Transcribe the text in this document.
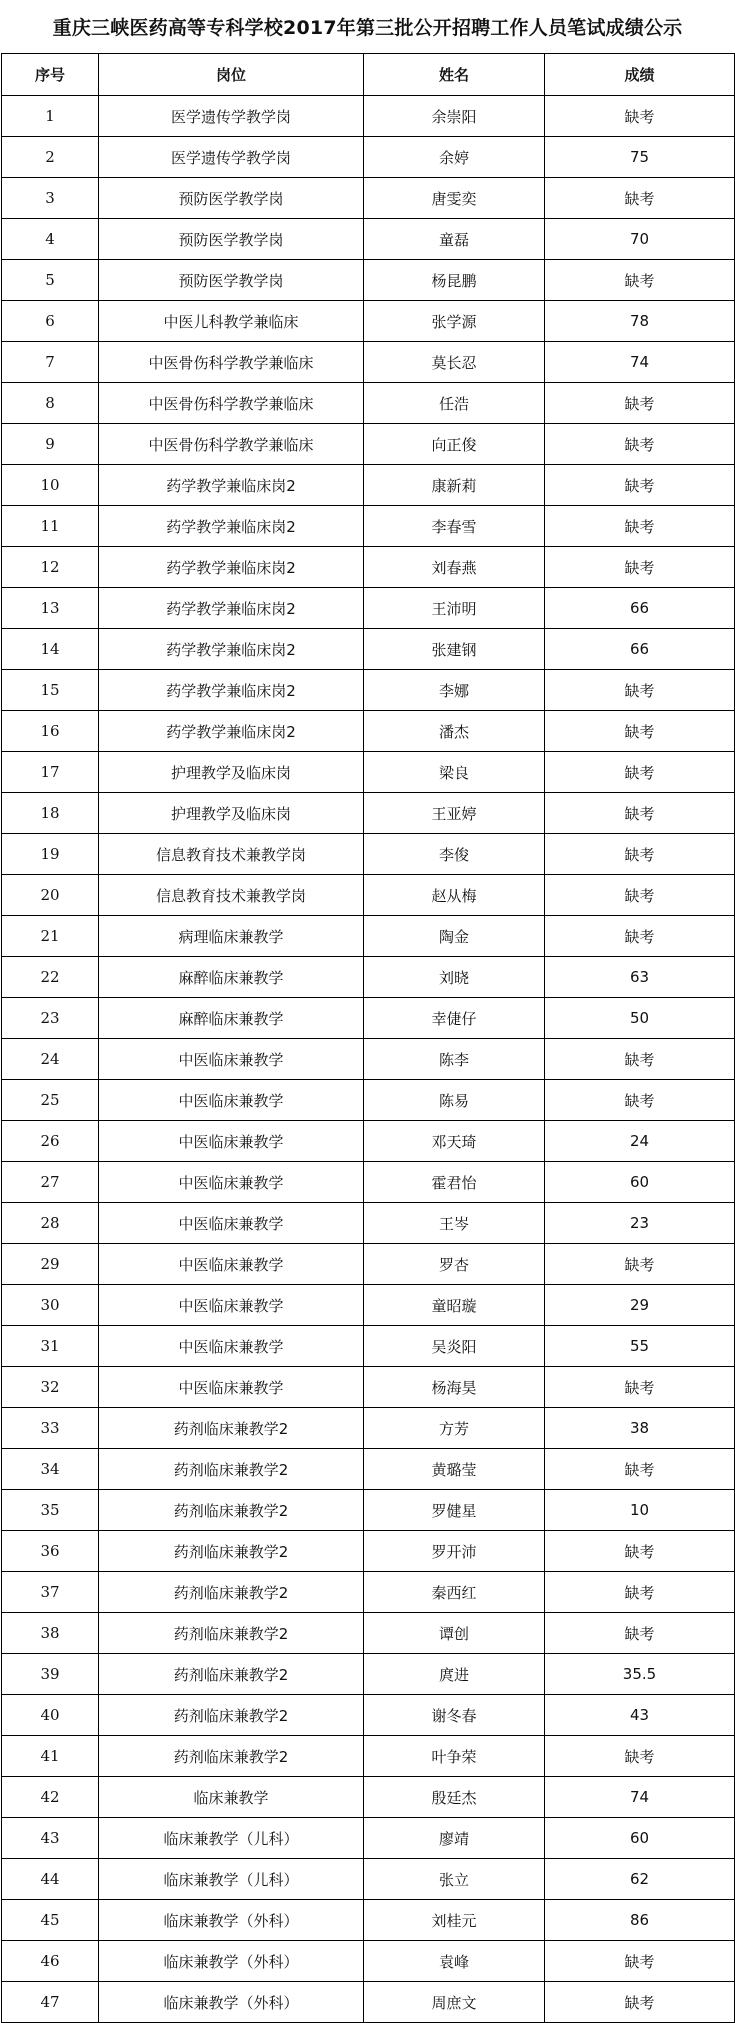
重庆三峡医药高等专科学校2017年第三批公开招聘工作人员笔试成绩公示
序号	岗位	姓名	成绩
1	医学遗传学教学岗	余崇阳	缺考
2	医学遗传学教学岗	余婷	75
3	预防医学教学岗	唐雯奕	缺考
4	预防医学教学岗	童磊	70
5	预防医学教学岗	杨昆鹏	缺考
6	中医儿科教学兼临床	张学源	78
7	中医骨伤科学教学兼临床	莫长忍	74
8	中医骨伤科学教学兼临床	任浩	缺考
9	中医骨伤科学教学兼临床	向正俊	缺考
10	药学教学兼临床岗2	康新莉	缺考
11	药学教学兼临床岗2	李春雪	缺考
12	药学教学兼临床岗2	刘春燕	缺考
13	药学教学兼临床岗2	王沛明	66
14	药学教学兼临床岗2	张建钢	66
15	药学教学兼临床岗2	李娜	缺考
16	药学教学兼临床岗2	潘杰	缺考
17	护理教学及临床岗	梁良	缺考
18	护理教学及临床岗	王亚婷	缺考
19	信息教育技术兼教学岗	李俊	缺考
20	信息教育技术兼教学岗	赵从梅	缺考
21	病理临床兼教学	陶金	缺考
22	麻醉临床兼教学	刘晓	63
23	麻醉临床兼教学	幸倢仔	50
24	中医临床兼教学	陈李	缺考
25	中医临床兼教学	陈易	缺考
26	中医临床兼教学	邓天琦	24
27	中医临床兼教学	霍君怡	60
28	中医临床兼教学	王岑	23
29	中医临床兼教学	罗杏	缺考
30	中医临床兼教学	童昭璇	29
31	中医临床兼教学	吴炎阳	55
32	中医临床兼教学	杨海昊	缺考
33	药剂临床兼教学2	方芳	38
34	药剂临床兼教学2	黄璐莹	缺考
35	药剂临床兼教学2	罗健星	10
36	药剂临床兼教学2	罗开沛	缺考
37	药剂临床兼教学2	秦西红	缺考
38	药剂临床兼教学2	谭创	缺考
39	药剂临床兼教学2	庹进	35.5
40	药剂临床兼教学2	谢冬春	43
41	药剂临床兼教学2	叶争荣	缺考
42	临床兼教学	殷廷杰	74
43	临床兼教学（儿科）	廖靖	60
44	临床兼教学（儿科）	张立	62
45	临床兼教学（外科）	刘桂元	86
46	临床兼教学（外科）	袁峰	缺考
47	临床兼教学（外科）	周庶文	缺考
